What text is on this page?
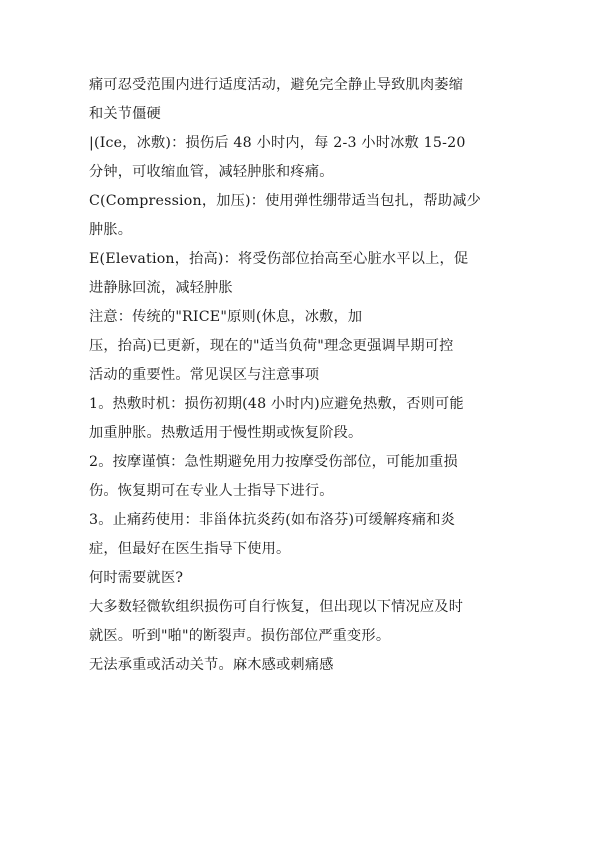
痛可忍受范围内进行适度活动，避免完全静止导致肌肉萎缩
和关节僵硬
|(Ice，冰敷)：损伤后 48 小时内，每 2-3 小时冰敷 15-20
分钟，可收缩血管，减轻肿胀和疼痛。
C(Compression，加压)：使用弹性绷带适当包扎，帮助减少
肿胀。
E(Elevation，抬高)：将受伤部位抬高至心脏水平以上，促
进静脉回流，减轻肿胀
注意：传统的"RICE"原则(休息，冰敷，加
压，抬高)已更新，现在的"适当负荷"理念更强调早期可控
活动的重要性。常见误区与注意事项
1。热敷时机：损伤初期(48 小时内)应避免热敷，否则可能
加重肿胀。热敷适用于慢性期或恢复阶段。
2。按摩谨慎：急性期避免用力按摩受伤部位，可能加重损
伤。恢复期可在专业人士指导下进行。
3。止痛药使用：非甾体抗炎药(如布洛芬)可缓解疼痛和炎
症，但最好在医生指导下使用。
何时需要就医?
大多数轻微软组织损伤可自行恢复，但出现以下情况应及时
就医。听到"啪"的断裂声。损伤部位严重变形。
无法承重或活动关节。麻木感或刺痛感
